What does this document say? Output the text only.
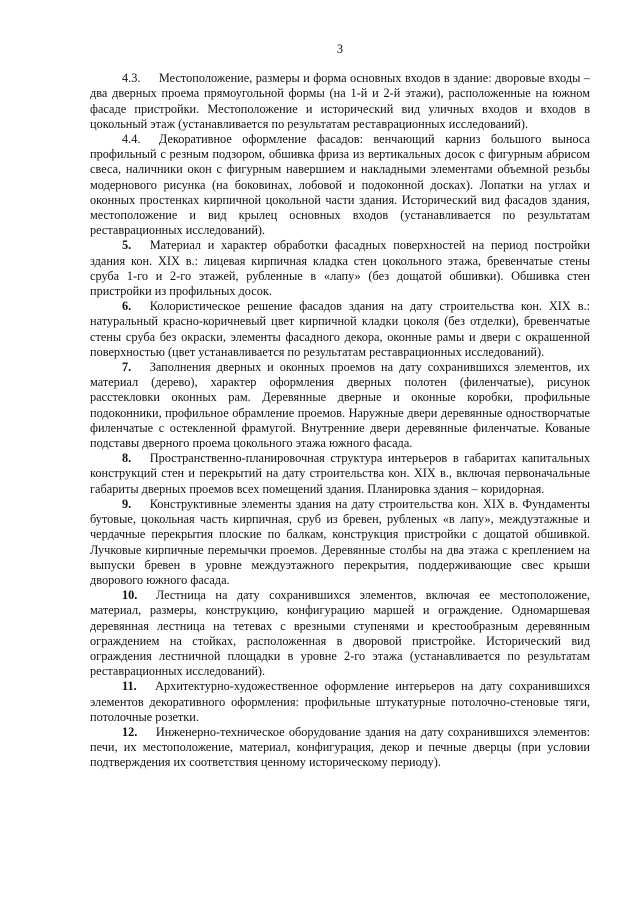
3

4.3.   Местоположение, размеры и форма основных входов в здание: дворовые входы – два дверных проема прямоугольной формы (на 1-й и 2-й этажи), расположенные на южном фасаде пристройки. Местоположение и исторический вид уличных входов и входов в цокольный этаж (устанавливается по результатам реставрационных исследований).

4.4.   Декоративное оформление фасадов: венчающий карниз большого выноса профильный с резным подзором, обшивка фриза из вертикальных досок с фигурным абрисом свеса, наличники окон с фигурным навершием и накладными элементами объемной резьбы модернового рисунка (на боковинах, лобовой и подоконной досках). Лопатки на углах и оконных простенках кирпичной цокольной части здания. Исторический вид фасадов здания, местоположение и вид крылец основных входов (устанавливается по результатам реставрационных исследований).

5.   Материал и характер обработки фасадных поверхностей на период постройки здания кон. XIX в.: лицевая кирпичная кладка стен цокольного этажа, бревенчатые стены сруба 1-го и 2-го этажей, рубленные в «лапу» (без дощатой обшивки). Обшивка стен пристройки из профильных досок.

6.   Колористическое решение фасадов здания на дату строительства кон. XIX в.: натуральный красно-коричневый цвет кирпичной кладки цоколя (без отделки), бревенчатые стены сруба без окраски, элементы фасадного декора, оконные рамы и двери с окрашенной поверхностью (цвет устанавливается по результатам реставрационных исследований).

7.   Заполнения дверных и оконных проемов на дату сохранившихся элементов, их материал (дерево), характер оформления дверных полотен (филенчатые), рисунок расстекловки оконных рам. Деревянные дверные и оконные коробки, профильные подоконники, профильное обрамление проемов. Наружные двери деревянные одностворчатые филенчатые с остекленной фрамугой. Внутренние двери деревянные филенчатые. Кованые подставы дверного проема цокольного этажа южного фасада.

8.   Пространственно-планировочная структура интерьеров в габаритах капитальных конструкций стен и перекрытий на дату строительства кон. XIX в., включая первоначальные габариты дверных проемов всех помещений здания. Планировка здания – коридорная.

9.   Конструктивные элементы здания на дату строительства кон. XIX в. Фундаменты бутовые, цокольная часть кирпичная, сруб из бревен, рубленых «в лапу», междуэтажные и чердачные перекрытия плоские по балкам, конструкция пристройки с дощатой обшивкой. Лучковые кирпичные перемычки проемов. Деревянные столбы на два этажа с креплением на выпуски бревен в уровне междуэтажного перекрытия, поддерживающие свес крыши дворового южного фасада.

10.   Лестница на дату сохранившихся элементов, включая ее местоположение, материал, размеры, конструкцию, конфигурацию маршей и ограждение. Одномаршевая деревянная лестница на тетевах с врезными ступенями и крестообразным деревянным ограждением на стойках, расположенная в дворовой пристройке. Исторический вид ограждения лестничной площадки в уровне 2-го этажа (устанавливается по результатам реставрационных исследований).

11.   Архитектурно-художественное оформление интерьеров на дату сохранившихся элементов декоративного оформления: профильные штукатурные потолочно-стеновые тяги, потолочные розетки.

12.   Инженерно-техническое оборудование здания на дату сохранившихся элементов: печи, их местоположение, материал, конфигурация, декор и печные дверцы (при условии подтверждения их соответствия ценному историческому периоду).
